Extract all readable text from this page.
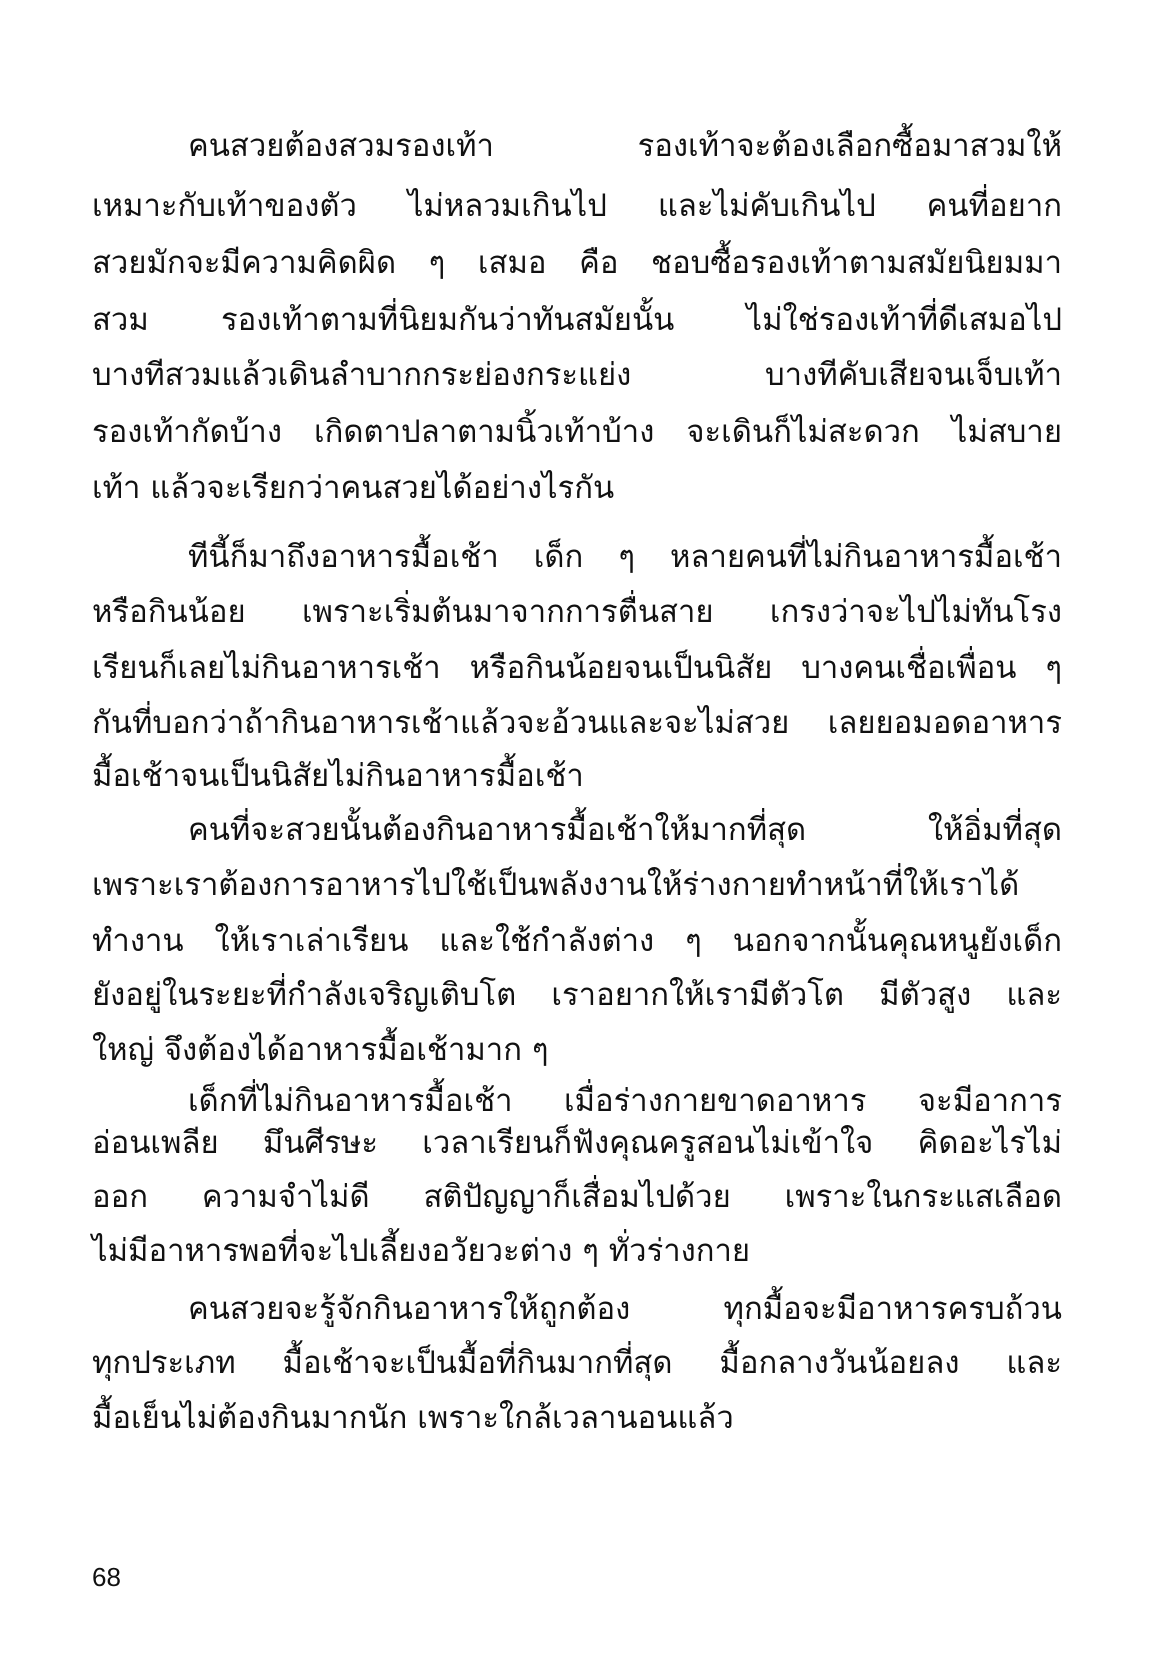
คนสวยต้องสวมรองเท้า รองเท้าจะต้องเลือกซื้อมาสวมให้
เหมาะกับเท้าของตัว ไม่หลวมเกินไป และไม่คับเกินไป คนที่อยาก
สวยมักจะมีความคิดผิด ๆ เสมอ คือ ชอบซื้อรองเท้าตามสมัยนิยมมา
สวม รองเท้าตามที่นิยมกันว่าทันสมัยนั้น ไม่ใช่รองเท้าที่ดีเสมอไป
บางทีสวมแล้วเดินลำบากกระย่องกระแย่ง บางทีคับเสียจนเจ็บเท้า
รองเท้ากัดบ้าง เกิดตาปลาตามนิ้วเท้าบ้าง จะเดินก็ไม่สะดวก ไม่สบาย
เท้า แล้วจะเรียกว่าคนสวยได้อย่างไรกัน
ทีนี้ก็มาถึงอาหารมื้อเช้า เด็ก ๆ หลายคนที่ไม่กินอาหารมื้อเช้า
หรือกินน้อย เพราะเริ่มต้นมาจากการตื่นสาย เกรงว่าจะไปไม่ทันโรง
เรียนก็เลยไม่กินอาหารเช้า หรือกินน้อยจนเป็นนิสัย บางคนเชื่อเพื่อน ๆ
กันที่บอกว่าถ้ากินอาหารเช้าแล้วจะอ้วนและจะไม่สวย เลยยอมอดอาหาร
มื้อเช้าจนเป็นนิสัยไม่กินอาหารมื้อเช้า
คนที่จะสวยนั้นต้องกินอาหารมื้อเช้าให้มากที่สุด ให้อิ่มที่สุด
เพราะเราต้องการอาหารไปใช้เป็นพลังงานให้ร่างกายทำหน้าที่ให้เราได้
ทำงาน ให้เราเล่าเรียน และใช้กำลังต่าง ๆ นอกจากนั้นคุณหนูยังเด็ก
ยังอยู่ในระยะที่กำลังเจริญเติบโต เราอยากให้เรามีตัวโต มีตัวสูง และ
ใหญ่ จึงต้องได้อาหารมื้อเช้ามาก ๆ
เด็กที่ไม่กินอาหารมื้อเช้า เมื่อร่างกายขาดอาหาร จะมีอาการ
อ่อนเพลีย มึนศีรษะ เวลาเรียนก็ฟังคุณครูสอนไม่เข้าใจ คิดอะไรไม่
ออก ความจำไม่ดี สติปัญญาก็เสื่อมไปด้วย เพราะในกระแสเลือด
ไม่มีอาหารพอที่จะไปเลี้ยงอวัยวะต่าง ๆ ทั่วร่างกาย
คนสวยจะรู้จักกินอาหารให้ถูกต้อง ทุกมื้อจะมีอาหารครบถ้วน
ทุกประเภท มื้อเช้าจะเป็นมื้อที่กินมากที่สุด มื้อกลางวันน้อยลง และ
มื้อเย็นไม่ต้องกินมากนัก เพราะใกล้เวลานอนแล้ว
68
